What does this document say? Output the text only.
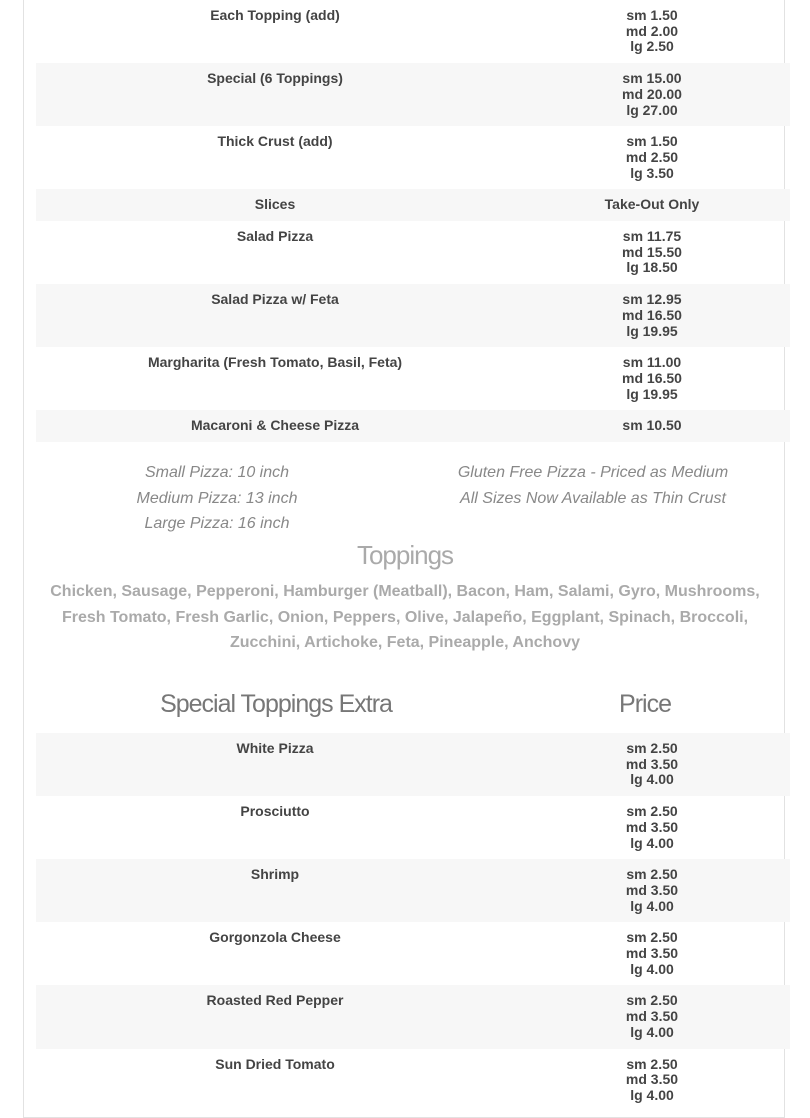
Each Topping (add)	sm 1.50
md 2.00
lg 2.50

Special (6 Toppings)	sm 15.00
md 20.00
lg 27.00

Thick Crust (add)	sm 1.50
md 2.50
lg 3.50

Slices	Take-Out Only

Salad Pizza	sm 11.75
md 15.50
lg 18.50

Salad Pizza w/ Feta	sm 12.95
md 16.50
lg 19.95

Margharita (Fresh Tomato, Basil, Feta)	sm 11.00
md 16.50
lg 19.95

Macaroni & Cheese Pizza	sm 10.50
Small Pizza: 10 inch
Medium Pizza: 13 inch
Large Pizza: 16 inch
Gluten Free Pizza - Priced as Medium
All Sizes Now Available as Thin Crust
Toppings
Chicken, Sausage, Pepperoni, Hamburger (Meatball), Bacon, Ham, Salami, Gyro, Mushrooms, Fresh Tomato, Fresh Garlic, Onion, Peppers, Olive, Jalapeño, Eggplant, Spinach, Broccoli, Zucchini, Artichoke, Feta, Pineapple, Anchovy
Special Toppings Extra	Price
White Pizza	sm 2.50
md 3.50
lg 4.00

Prosciutto	sm 2.50
md 3.50
lg 4.00

Shrimp	sm 2.50
md 3.50
lg 4.00

Gorgonzola Cheese	sm 2.50
md 3.50
lg 4.00

Roasted Red Pepper	sm 2.50
md 3.50
lg 4.00

Sun Dried Tomato	sm 2.50
md 3.50
lg 4.00
